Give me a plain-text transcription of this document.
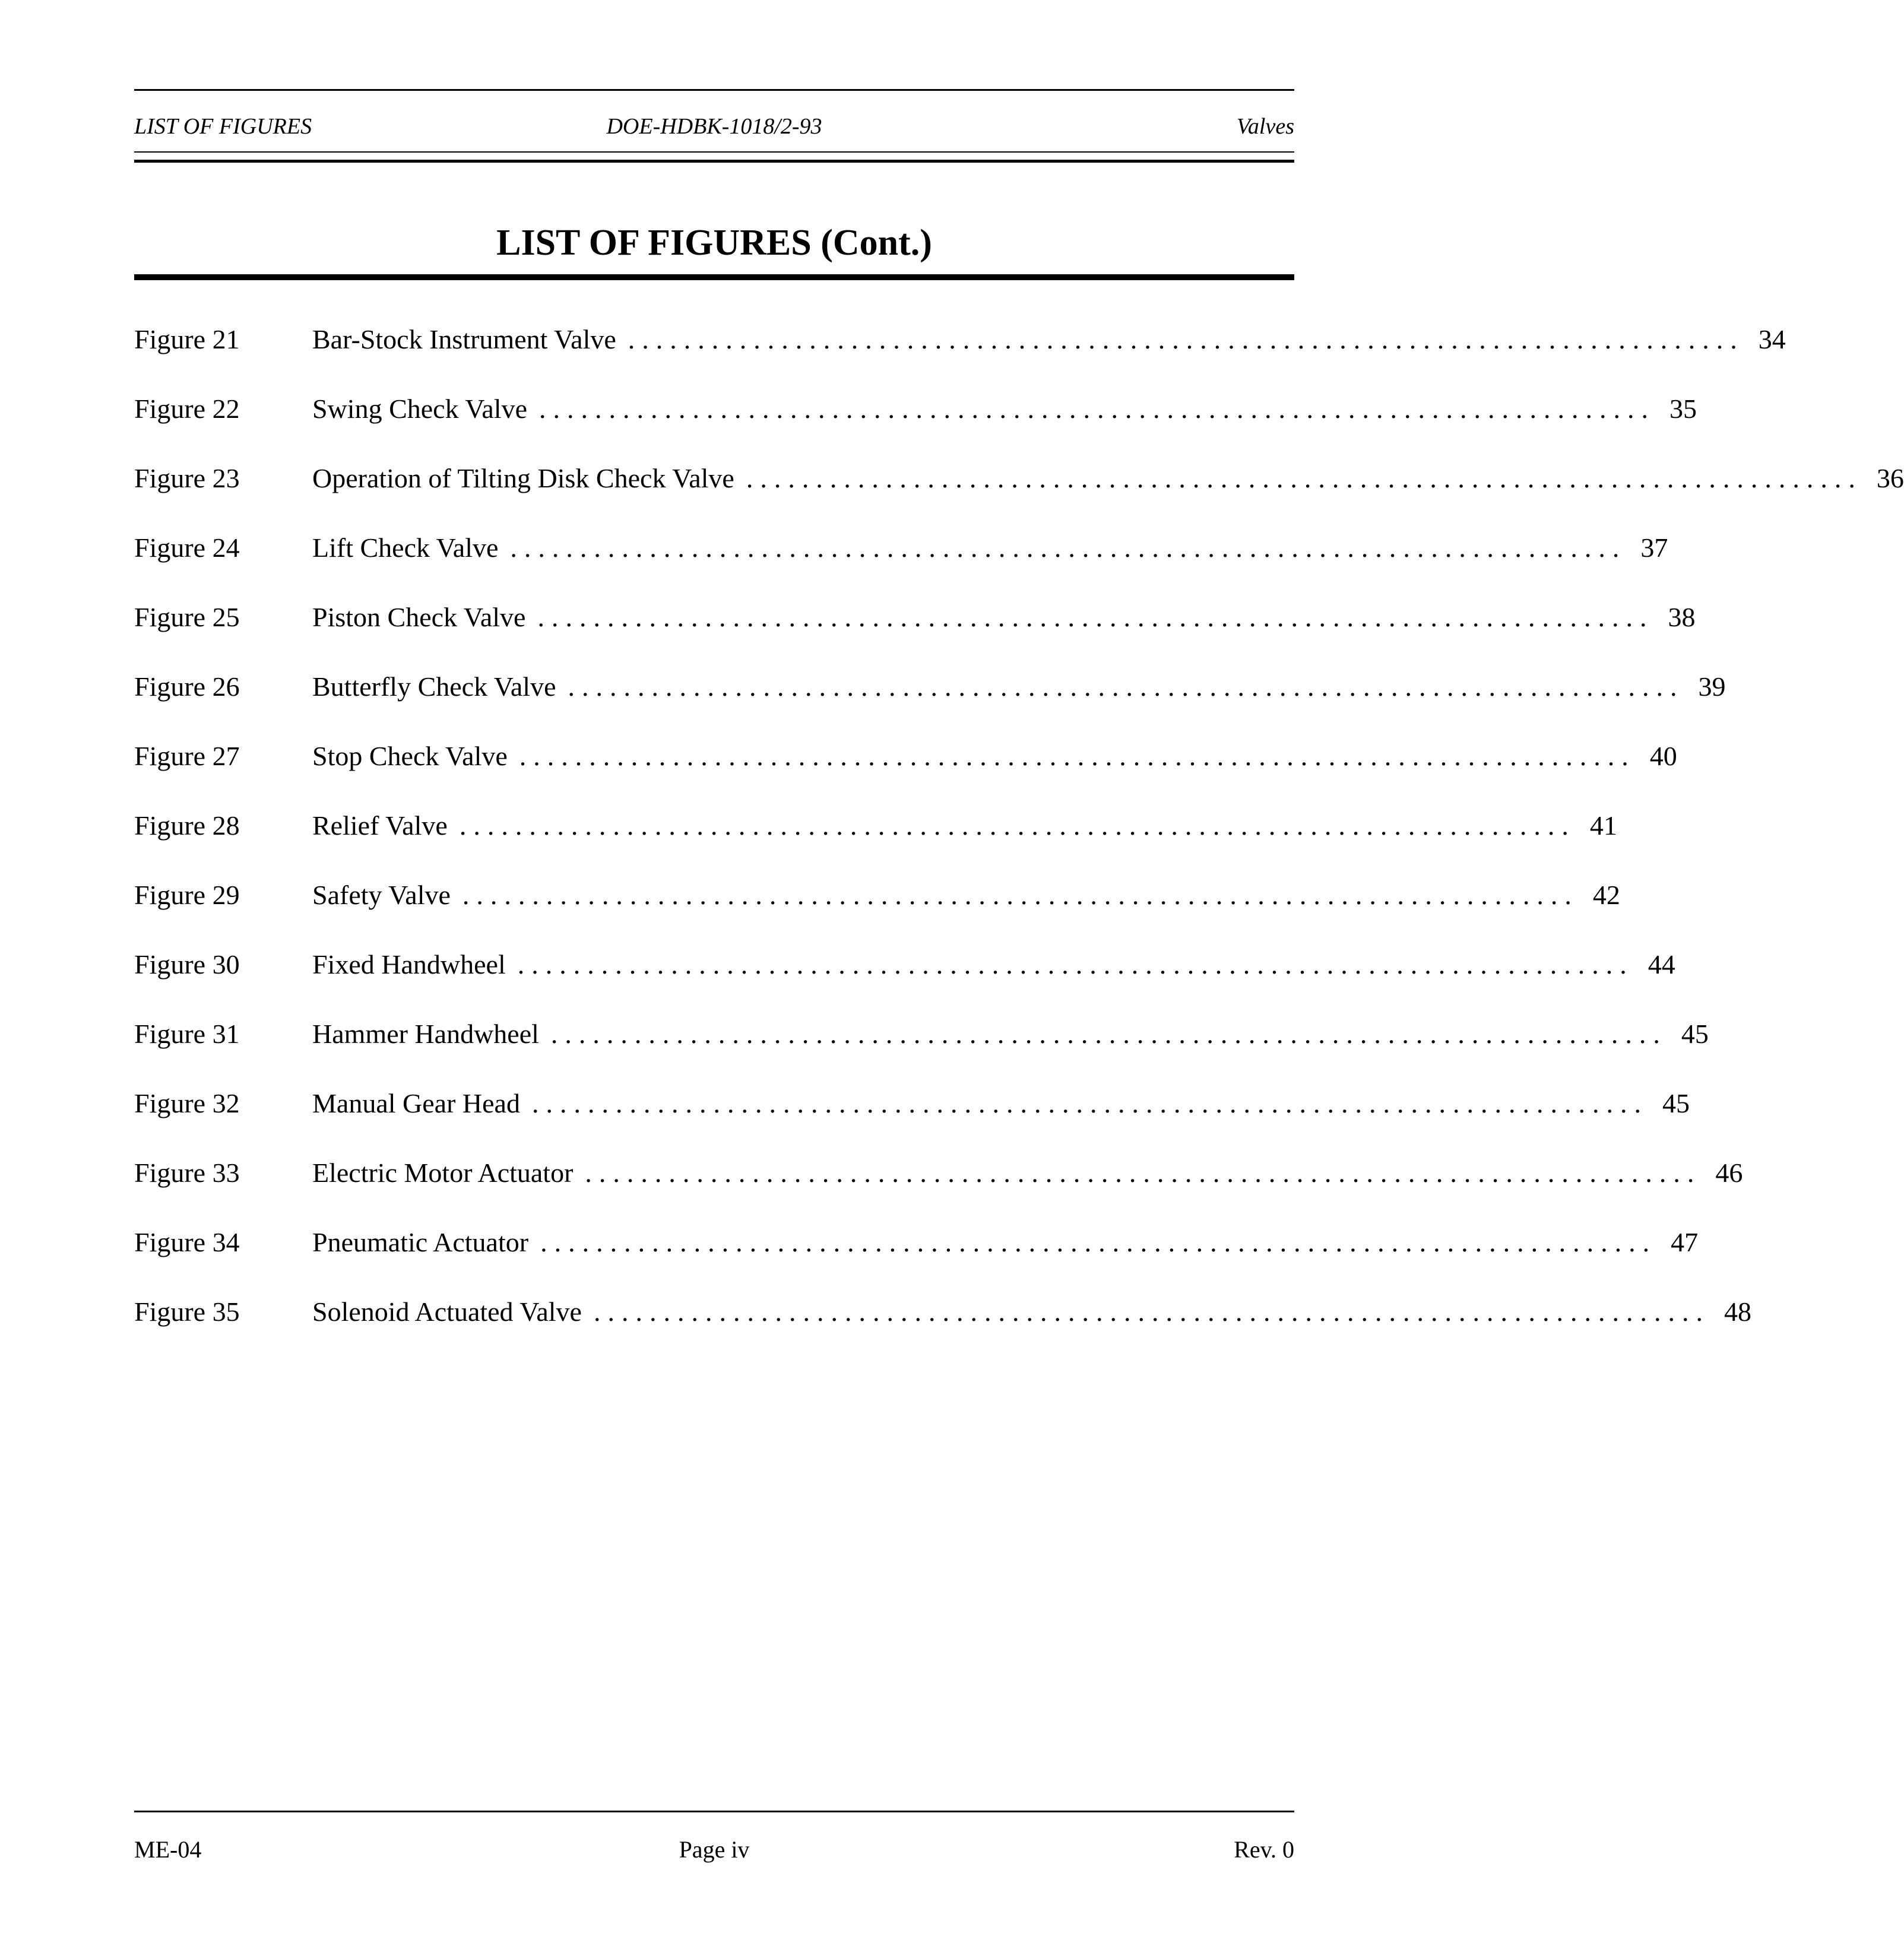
LIST OF FIGURES	DOE-HDBK-1018/2-93	Valves
LIST OF FIGURES (Cont.)
Figure 21	Bar-Stock Instrument Valve ................................................................................ 34
Figure 22	Swing Check Valve ................................................................................ 35
Figure 23	Operation of Tilting Disk Check Valve ................................................................................ 36
Figure 24	Lift Check Valve ................................................................................ 37
Figure 25	Piston Check Valve ................................................................................ 38
Figure 26	Butterfly Check Valve ................................................................................ 39
Figure 27	Stop Check Valve ................................................................................ 40
Figure 28	Relief Valve ................................................................................ 41
Figure 29	Safety Valve ................................................................................ 42
Figure 30	Fixed Handwheel ................................................................................ 44
Figure 31	Hammer Handwheel ................................................................................ 45
Figure 32	Manual Gear Head ................................................................................ 45
Figure 33	Electric Motor Actuator ................................................................................ 46
Figure 34	Pneumatic Actuator ................................................................................ 47
Figure 35	Solenoid Actuated Valve ................................................................................ 48
ME-04	Page iv	Rev. 0
